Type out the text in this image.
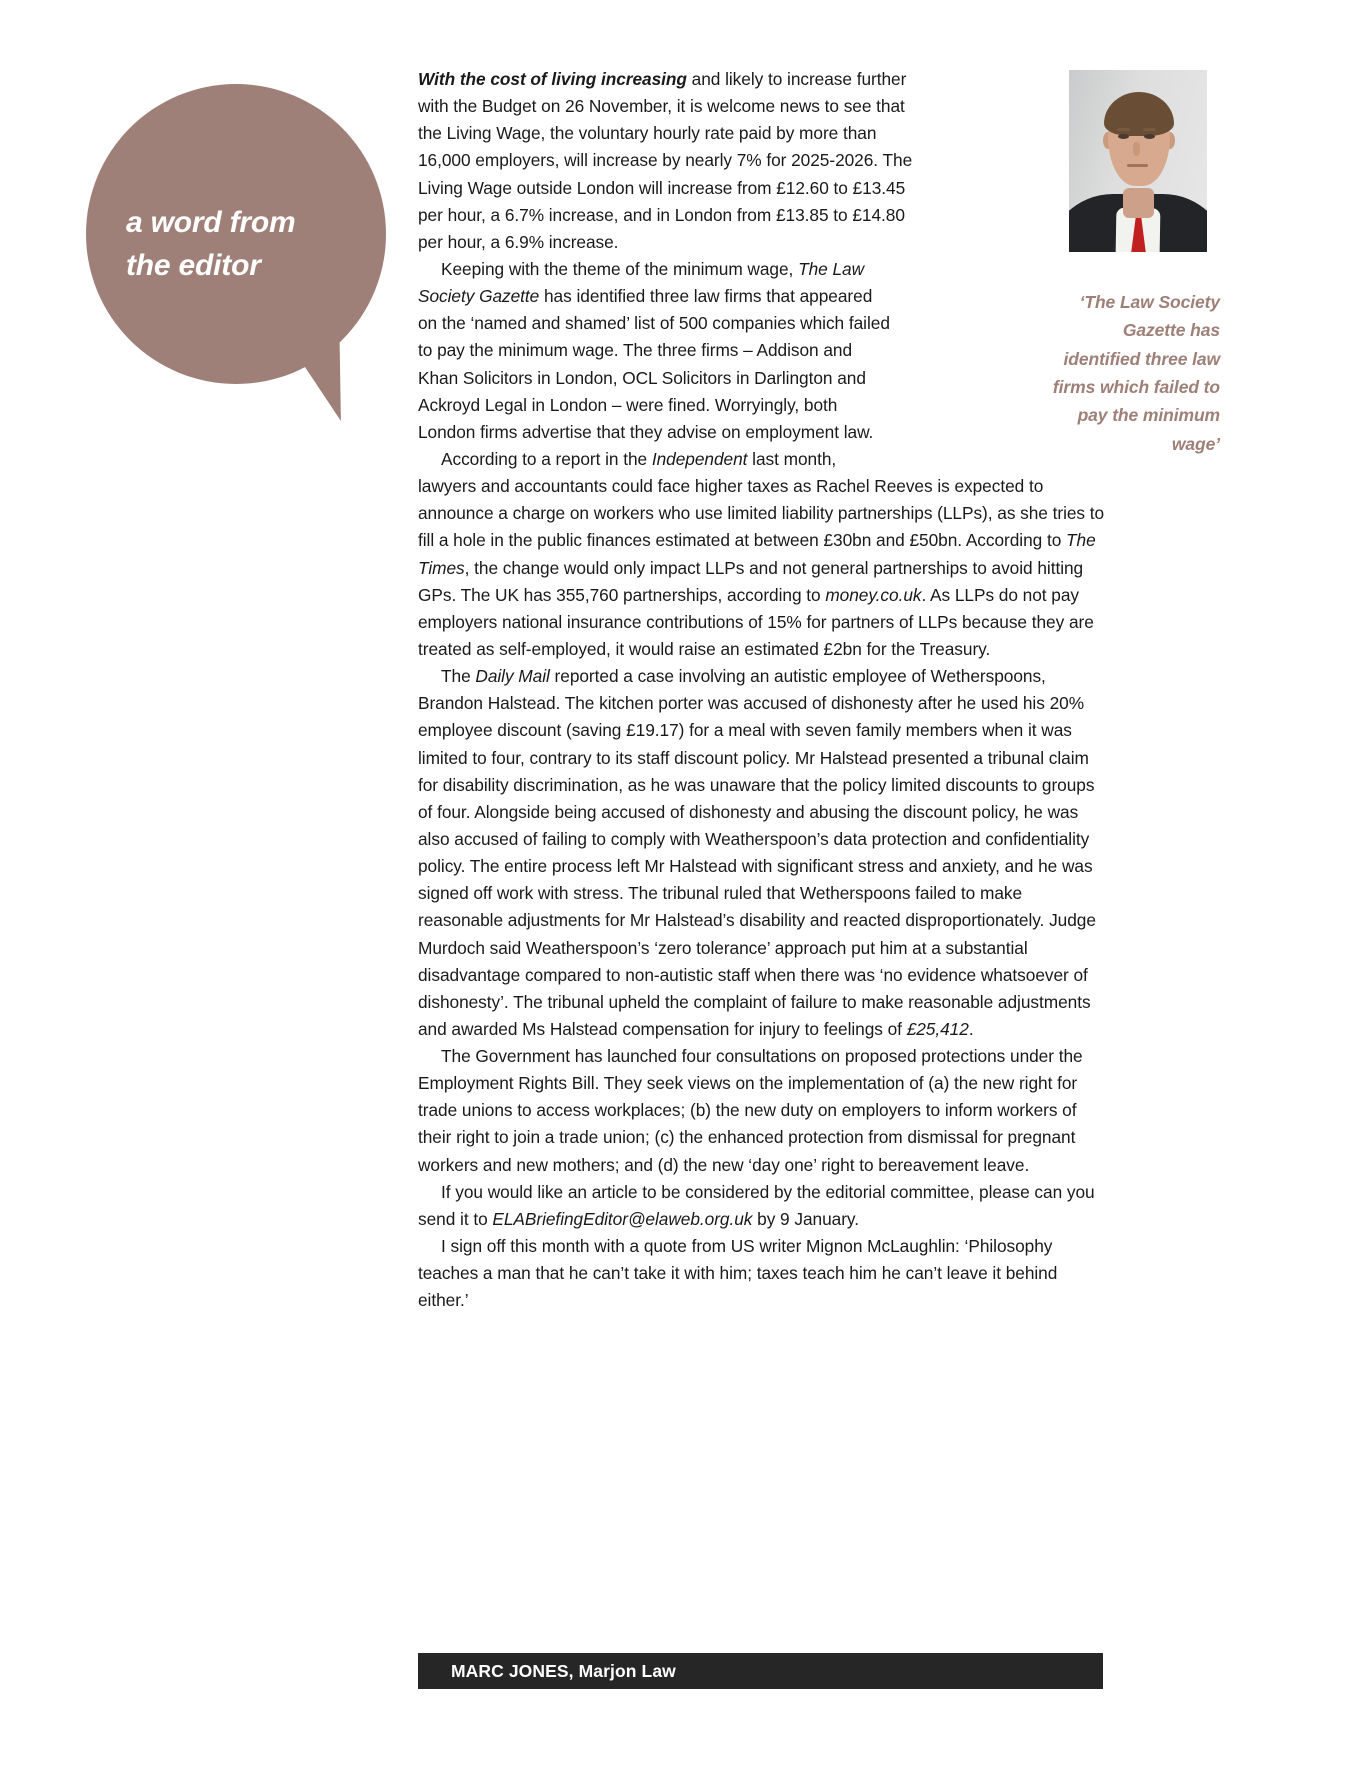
a word from
the editor
‘The Law Society
Gazette has
identified three law
firms which failed to
pay the minimum
wage’

With the cost of living increasing and likely to increase further with the Budget on 26 November, it is welcome news to see that the Living Wage, the voluntary hourly rate paid by more than 16,000 employers, will increase by nearly 7% for 2025-2026. The Living Wage outside London will increase from £12.60 to £13.45 per hour, a 6.7% increase, and in London from £13.85 to £14.80 per hour, a 6.9% increase.

Keeping with the theme of the minimum wage, The Law Society Gazette has identified three law firms that appeared on the ‘named and shamed’ list of 500 companies which failed to pay the minimum wage. The three firms – Addison and Khan Solicitors in London, OCL Solicitors in Darlington and Ackroyd Legal in London – were fined. Worryingly, both London firms advertise that they advise on employment law.

According to a report in the Independent last month, lawyers and accountants could face higher taxes as Rachel Reeves is expected to announce a charge on workers who use limited liability partnerships (LLPs), as she tries to fill a hole in the public finances estimated at between £30bn and £50bn. According to The Times, the change would only impact LLPs and not general partnerships to avoid hitting GPs. The UK has 355,760 partnerships, according to money.co.uk. As LLPs do not pay employers national insurance contributions of 15% for partners of LLPs because they are treated as self-employed, it would raise an estimated £2bn for the Treasury.

The Daily Mail reported a case involving an autistic employee of Wetherspoons, Brandon Halstead. The kitchen porter was accused of dishonesty after he used his 20% employee discount (saving £19.17) for a meal with seven family members when it was limited to four, contrary to its staff discount policy. Mr Halstead presented a tribunal claim for disability discrimination, as he was unaware that the policy limited discounts to groups of four. Alongside being accused of dishonesty and abusing the discount policy, he was also accused of failing to comply with Weatherspoon’s data protection and confidentiality policy. The entire process left Mr Halstead with significant stress and anxiety, and he was signed off work with stress. The tribunal ruled that Wetherspoons failed to make reasonable adjustments for Mr Halstead’s disability and reacted disproportionately. Judge Murdoch said Weatherspoon’s ‘zero tolerance’ approach put him at a substantial disadvantage compared to non-autistic staff when there was ‘no evidence whatsoever of dishonesty’. The tribunal upheld the complaint of failure to make reasonable adjustments and awarded Ms Halstead compensation for injury to feelings of £25,412.

The Government has launched four consultations on proposed protections under the Employment Rights Bill. They seek views on the implementation of (a) the new right for trade unions to access workplaces; (b) the new duty on employers to inform workers of their right to join a trade union; (c) the enhanced protection from dismissal for pregnant workers and new mothers; and (d) the new ‘day one’ right to bereavement leave.

If you would like an article to be considered by the editorial committee, please can you send it to ELABriefingEditor@elaweb.org.uk by 9 January.

I sign off this month with a quote from US writer Mignon McLaughlin: ‘Philosophy teaches a man that he can’t take it with him; taxes teach him he can’t leave it behind either.’

MARC JONES, Marjon Law
